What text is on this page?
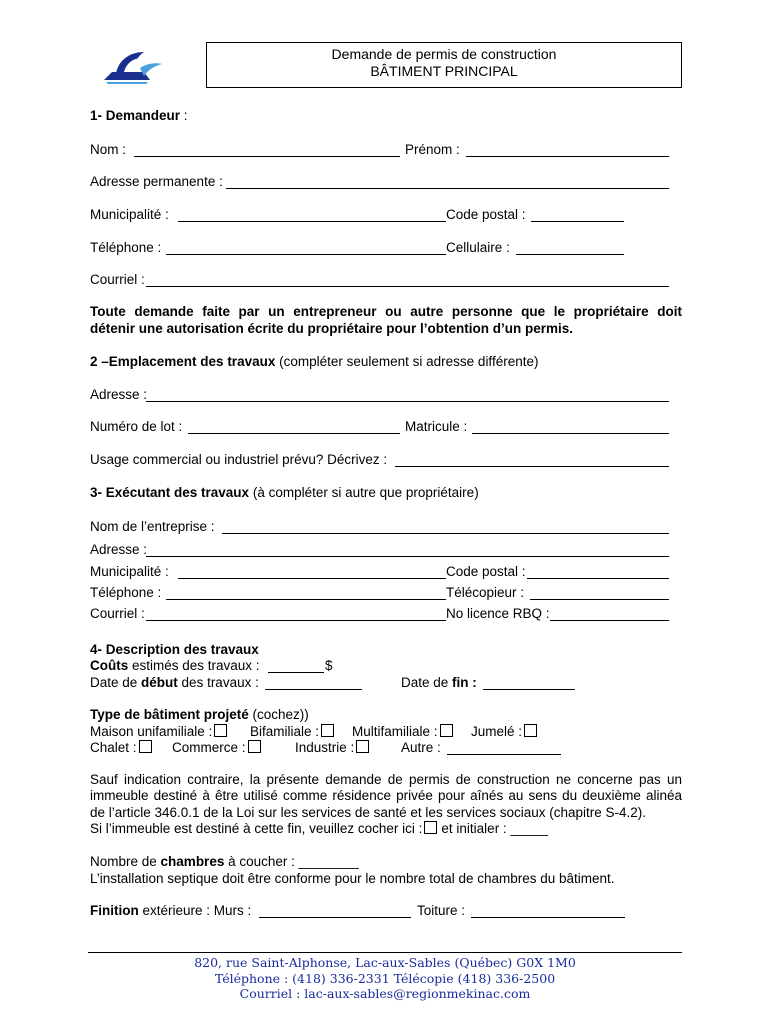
Demande de permis de construction
BÂTIMENT PRINCIPAL
1- Demandeur :
Nom :	Prénom :
Adresse permanente :
Municipalité :	Code postal :
Téléphone :	Cellulaire :
Courriel :
Toute demande faite par un entrepreneur ou autre personne que le propriétaire doit
détenir une autorisation écrite du propriétaire pour l’obtention d’un permis.
2 –Emplacement des travaux (compléter seulement si adresse différente)
Adresse :
Numéro de lot :	Matricule :
Usage commercial ou industriel prévu? Décrivez :
3- Exécutant des travaux (à compléter si autre que propriétaire)
Nom de l’entreprise :
Adresse :
Municipalité :	Code postal :
Téléphone :	Télécopieur :
Courriel :	No licence RBQ :
4- Description des travaux
Coûts estimés des travaux :	$
Date de début des travaux :	Date de fin :
Type de bâtiment projeté (cochez))
Maison unifamiliale :	Bifamiliale :	Multifamiliale :	Jumelé :
Chalet :	Commerce :	Industrie :	Autre :
Sauf indication contraire, la présente demande de permis de construction ne concerne pas un
immeuble destiné à être utilisé comme résidence privée pour aînés au sens du deuxième alinéa
de l’article 346.0.1 de la Loi sur les services de santé et les services sociaux (chapitre S-4.2).
Si l’immeuble est destiné à cette fin, veuillez cocher ici : et initialer : _____
Nombre de chambres à coucher : ________
L’installation septique doit être conforme pour le nombre total de chambres du bâtiment.
Finition extérieure : Murs :	Toiture :
820, rue Saint-Alphonse, Lac-aux-Sables (Québec) G0X 1M0
Téléphone : (418) 336-2331 Télécopie (418) 336-2500
Courriel : lac-aux-sables@regionmekinac.com
